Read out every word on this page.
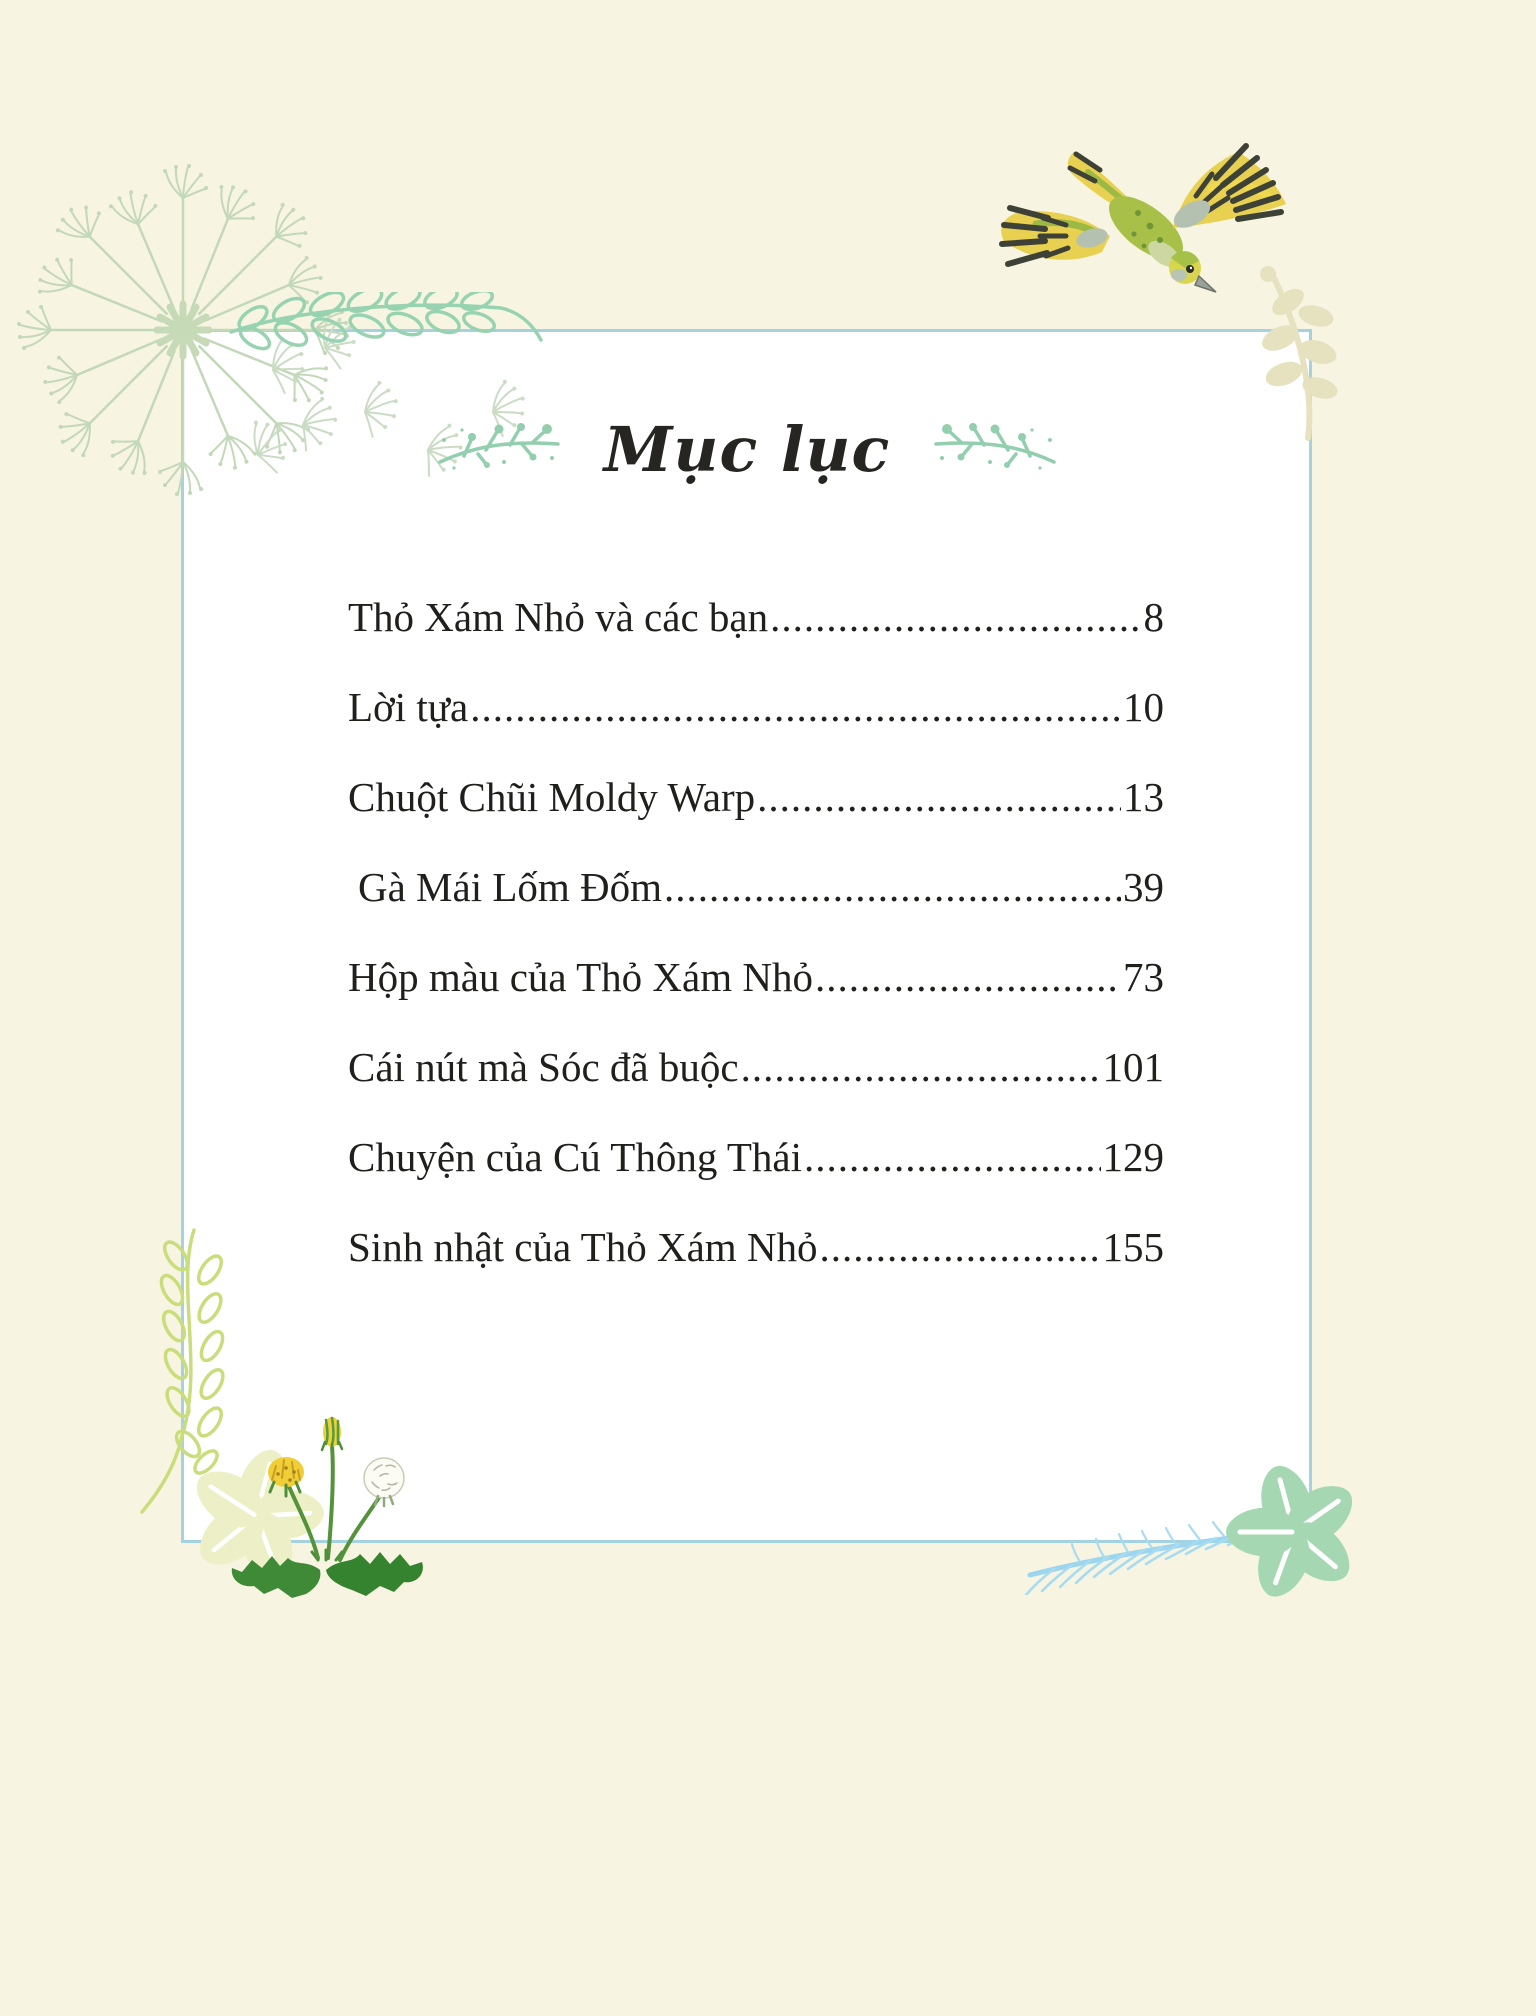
Mục lục
Thỏ Xám Nhỏ và các bạn .....	8
Lời tựa .....	10
Chuột Chũi Moldy Warp .....	13
Gà Mái Lốm Đốm .....	39
Hộp màu của Thỏ Xám Nhỏ .....	73
Cái nút mà Sóc đã buộc .....	101
Chuyện của Cú Thông Thái .....	129
Sinh nhật của Thỏ Xám Nhỏ .....	155
